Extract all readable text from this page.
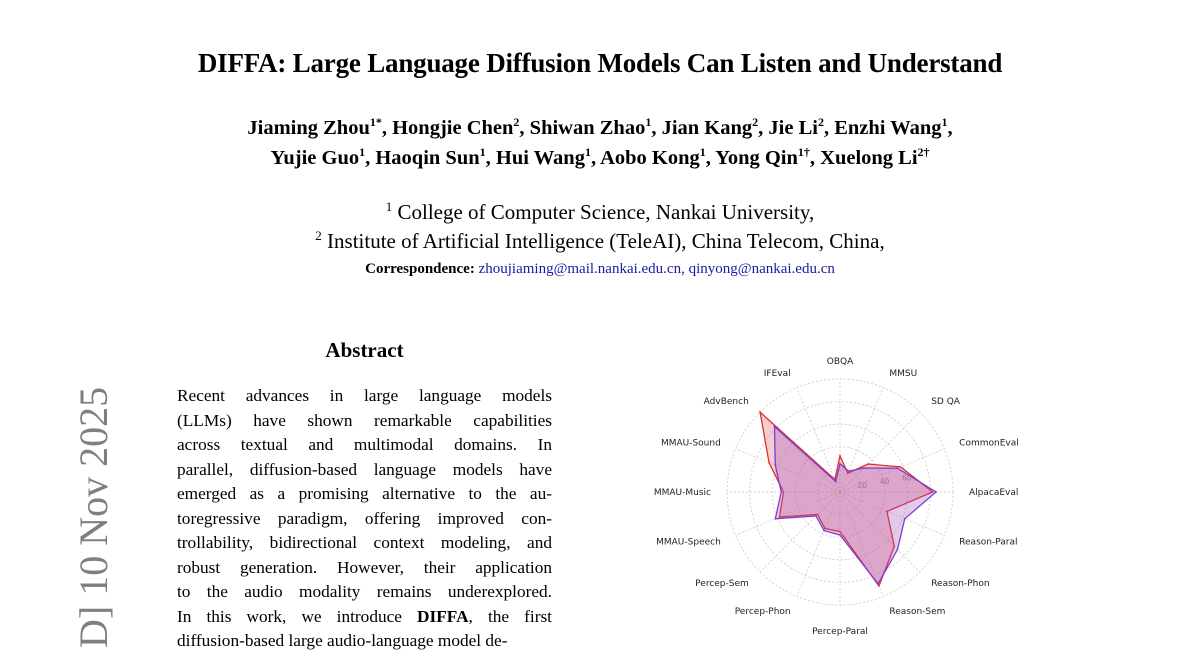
DIFFA: Large Language Diffusion Models Can Listen and Understand
Jiaming Zhou$^{1*}$, Hongjie Chen$^2$, Shiwan Zhao$^1$, Jian Kang$^2$, Jie Li$^2$, Enzhi Wang$^1$,
Yujie Guo$^1$, Haoqin Sun$^1$, Hui Wang$^1$, Aobo Kong$^1$, Yong Qin$^{1\dagger}$, Xuelong $Li^{2\dagger}$
$^1$ College of Computer Science, Nankai University,
$^2$ Institute of Artificial Intelligence (TeleAI), China Telecom, China,
Correspondence: zhoujiaming@mail.nankai.edu.cn, qinyong@nankai.edu.cn
Abstract
Recent advances in large language models
(LLMs) have shown remarkable capabilities
across textual and multimodal domains. In
parallel, diffusion-based language models have
emerged as a promising alternative to the au-
toregressive paradigm, offering improved con-
trollability, bidirectional context modeling, and
robust generation. However, their application
to the audio modality remains underexplored.
In this work, we introduce DIFFA, the first
diffusion-based large audio-language model de-
D] 10 Nov 2025
OBQA
MMSU
SD QA
CommonEval
AlpacaEval
Reason-Paral
Reason-Phon
Reason-Sem
Percep-Paral
Percep-Phon
Percep-Sem
MMAU-Speech
MMAU-Music
MMAU-Sound
AdvBench
IFEval
